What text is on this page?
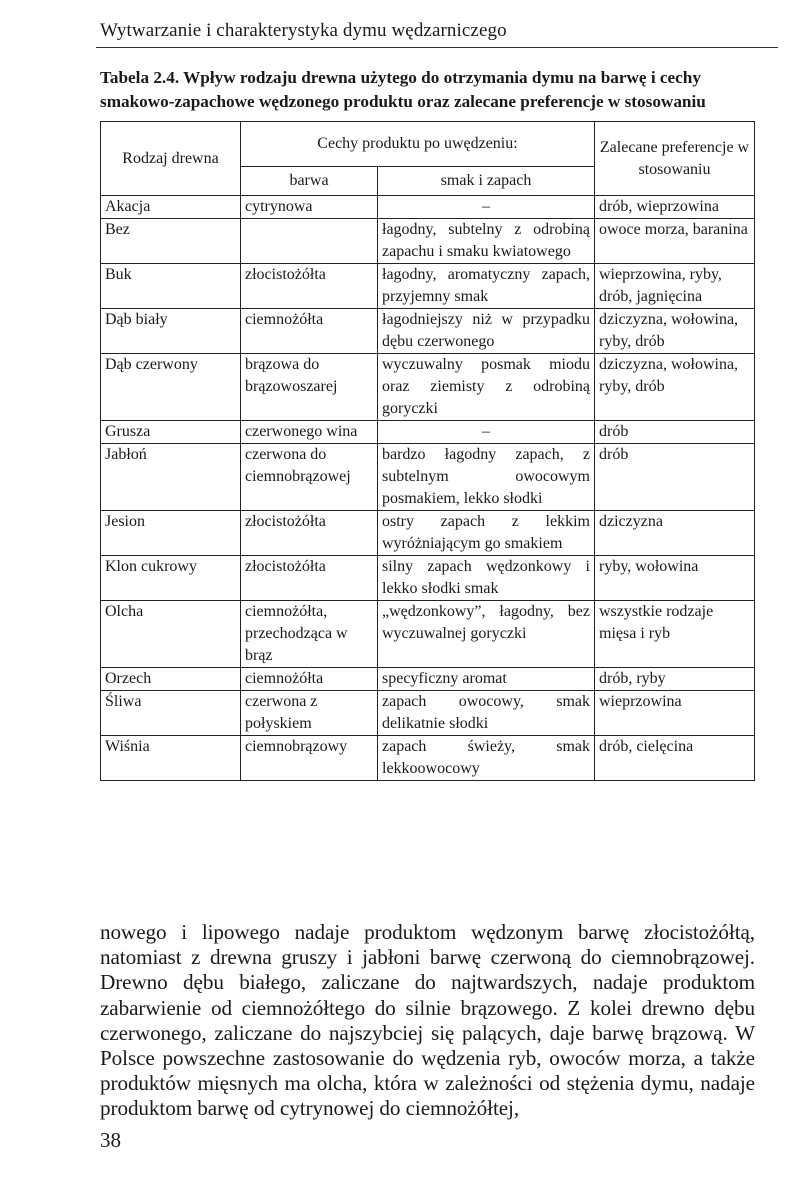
Wytwarzanie i charakterystyka dymu wędzarniczego

Tabela 2.4. Wpływ rodzaju drewna użytego do otrzymania dymu na barwę i cechy

smakowo-zapachowe wędzonego produktu oraz zalecane preferencje w stosowaniu

Rodzaj drewna	Cechy produktu po uwędzeniu:		Zalecane preferencje w stosowaniu
	barwa	smak i zapach	
Akacja	cytrynowa	–	drób, wieprzowina
Bez		łagodny, subtelny z odrobiną zapachu i smaku kwiatowego	owoce morza, baranina
Buk	złocistożółta	łagodny, aromatyczny zapach, przyjemny smak	wieprzowina, ryby, drób, jagnięcina
Dąb biały	ciemnożółta	łagodniejszy niż w przypadku dębu czerwonego	dziczyzna, wołowina, ryby, drób
Dąb czerwony	brązowa do brązowoszarej	wyczuwalny posmak miodu oraz ziemisty z odrobiną goryczki	dziczyzna, wołowina, ryby, drób
Grusza	czerwonego wina	–	drób
Jabłoń	czerwona do ciemnobrązowej	bardzo łagodny zapach, z subtelnym owocowym posmakiem, lekko słodki	drób
Jesion	złocistożółta	ostry zapach z lekkim wyróżniającym go smakiem	dziczyzna
Klon cukrowy	złocistożółta	silny zapach wędzonkowy i lekko słodki smak	ryby, wołowina
Olcha	ciemnożółta, przechodząca w brąz	„wędzonkowy”, łagodny, bez wyczuwalnej goryczki	wszystkie rodzaje mięsa i ryb
Orzech	ciemnożółta	specyficzny aromat	drób, ryby
Śliwa	czerwona z połyskiem	zapach owocowy, smak delikatnie słodki	wieprzowina
Wiśnia	ciemnobrązowy	zapach świeży, smak lekkoowocowy	drób, cielęcina

nowego i lipowego nadaje produktom wędzonym barwę złocistożółtą, natomiast z drewna gruszy i jabłoni barwę czerwoną do ciemnobrązowej. Drewno dębu białego, zaliczane do najtwardszych, nadaje produktom zabarwienie od ciemnożółtego do silnie brązowego. Z kolei drewno dębu czerwonego, zaliczane do najszybciej się palących, daje barwę brązową. W Polsce powszechne zastosowanie do wędzenia ryb, owoców morza, a także produktów mięsnych ma olcha, która w zależności od stężenia dymu, nadaje produktom barwę od cytrynowej do ciemnożółtej,

38
